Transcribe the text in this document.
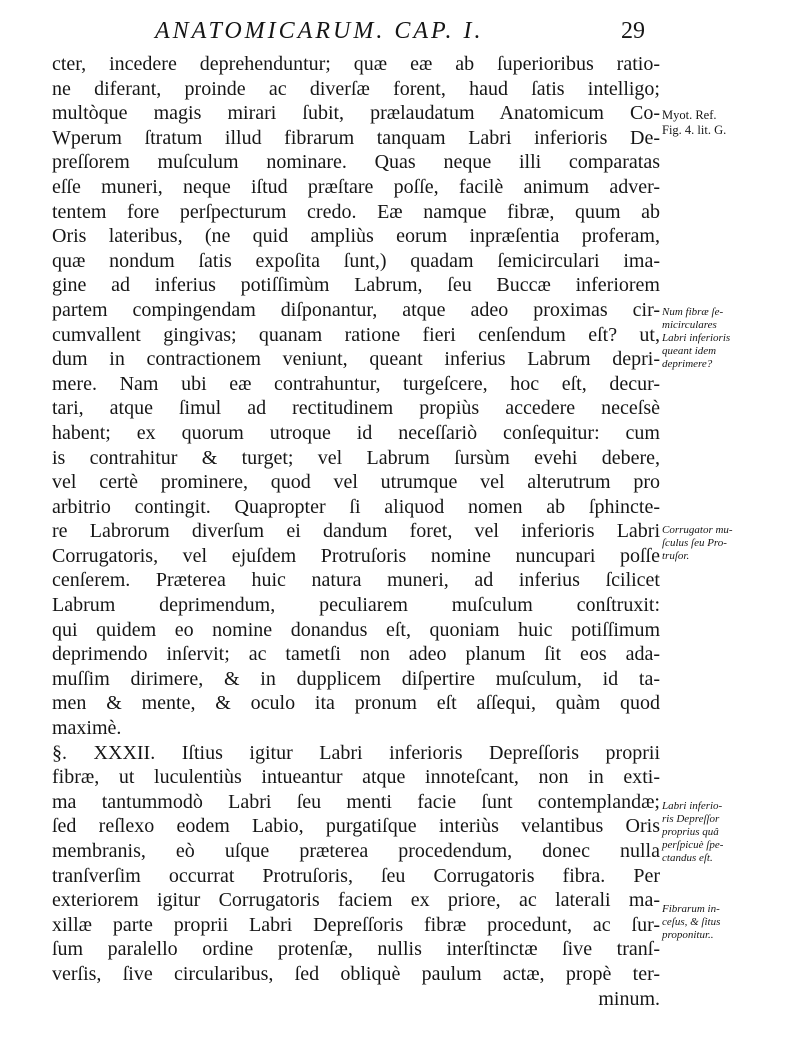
ANATOMICARUM. CAP. I.	29
cter, incedere deprehenduntur; quæ eæ ab ſuperioribus ratio-
ne diferant, proinde ac diverſæ forent, haud ſatis intelligo;
multòque magis mirari ſubit, prælaudatum Anatomicum Co-
Wperum ſtratum illud fibrarum tanquam Labri inferioris De-
preſſorem muſculum nominare. Quas neque illi comparatas
eſſe muneri, neque iſtud præſtare poſſe, facilè animum adver-
tentem fore perſpecturum credo. Eæ namque fibræ, quum ab
Oris lateribus, (ne quid ampliùs eorum inpræſentia proferam,
quæ nondum ſatis expoſita ſunt,) quadam ſemicirculari ima-
gine ad inferius potiſſimùm Labrum, ſeu Buccæ inferiorem
partem compingendam diſponantur, atque adeo proximas cir-
cumvallent gingivas; quanam ratione fieri cenſendum eſt? ut,
dum in contractionem veniunt, queant inferius Labrum depri-
mere. Nam ubi eæ contrahuntur, turgeſcere, hoc eſt, decur-
tari, atque ſimul ad rectitudinem propiùs accedere neceſsè
habent; ex quorum utroque id neceſſariò conſequitur: cum
is contrahitur & turget; vel Labrum ſursùm evehi debere,
vel certè prominere, quod vel utrumque vel alterutrum pro
arbitrio contingit. Quapropter ſi aliquod nomen ab ſphincte-
re Labrorum diverſum ei dandum foret, vel inferioris Labri
Corrugatoris, vel ejuſdem Protruſoris nomine nuncupari poſſe
cenſerem. Præterea huic natura muneri, ad inferius ſcilicet
Labrum deprimendum, peculiarem muſculum conſtruxit:
qui quidem eo nomine donandus eſt, quoniam huic potiſſimum
deprimendo inſervit; ac tametſi non adeo planum ſit eos ada-
muſſim dirimere, & in dupplicem diſpertire muſculum, id ta-
men & mente, & oculo ita pronum eſt aſſequi, quàm quod
maximè.
§. XXXII. Iſtius igitur Labri inferioris Depreſſoris proprii
fibræ, ut luculentiùs intueantur atque innoteſcant, non in exti-
ma tantummodò Labri ſeu menti facie ſunt contemplandæ;
ſed reſlexo eodem Labio, purgatiſque interiùs velantibus Oris
membranis, eò uſque præterea procedendum, donec nulla
tranſverſim occurrat Protruſoris, ſeu Corrugatoris fibra. Per
exteriorem igitur Corrugatoris faciem ex priore, ac laterali ma-
xillæ parte proprii Labri Depreſſoris fibræ procedunt, ac ſur-
ſum paralello ordine protenſæ, nullis interſtinctæ ſive tranſ-
verſis, ſive circularibus, ſed obliquè paulum actæ, propè ter-
minum.
Myot. Ref.
Fig. 4. lit. G.
Num fibræ ſe-
micirculares
Labri inferioris
queant idem
deprimere?
Corrugator mu-
ſculus ſeu Pro-
truſor.
Labri inferio-
ris Depreſſor
proprius quâ
perſpicuè ſpe-
ctandus eſt.
Fibrarum in-
ceſus, & ſitus
proponitur..
